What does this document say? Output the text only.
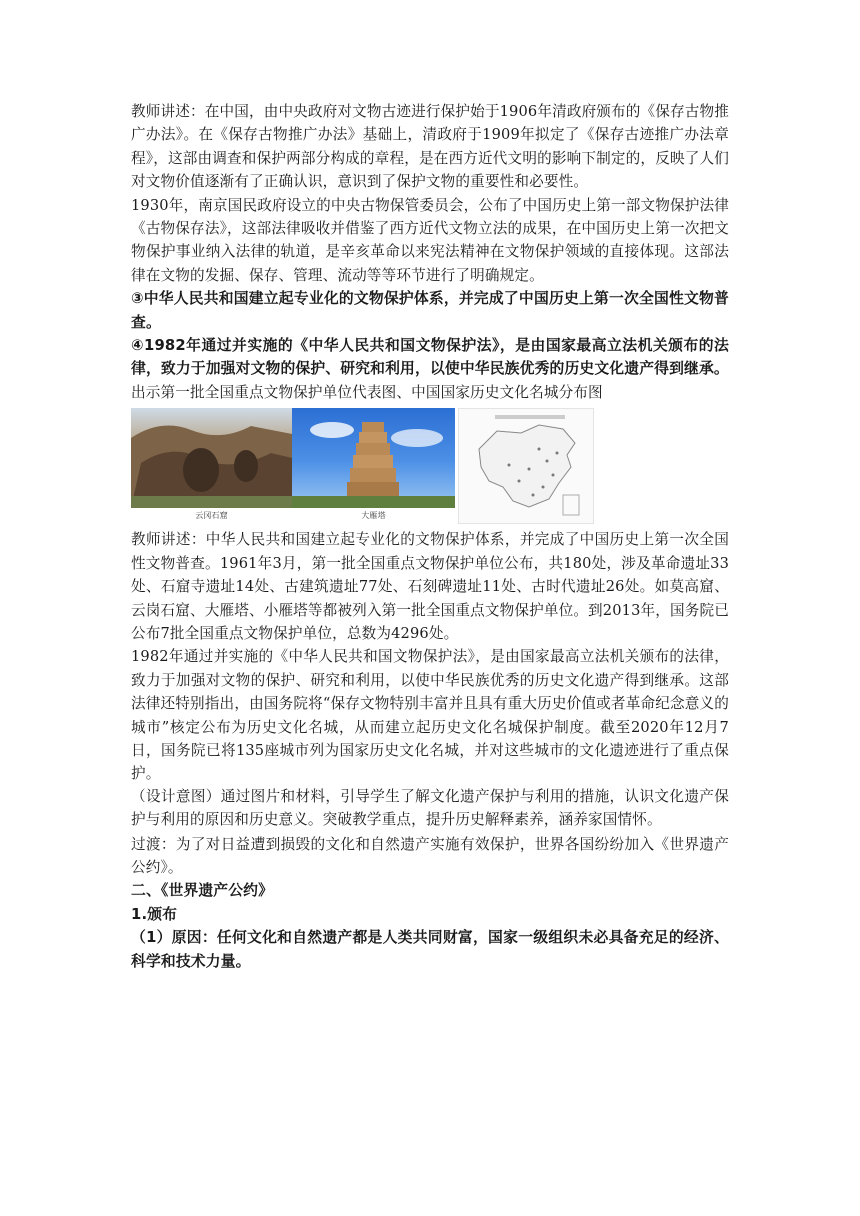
教师讲述：在中国，由中央政府对文物古迹进行保护始于1906年清政府颁布的《保存古物推广办法》。在《保存古物推广办法》基础上，清政府于1909年拟定了《保存古迹推广办法章程》，这部由调查和保护两部分构成的章程，是在西方近代文明的影响下制定的，反映了人们对文物价值逐渐有了正确认识，意识到了保护文物的重要性和必要性。

1930年，南京国民政府设立的中央古物保管委员会，公布了中国历史上第一部文物保护法律《古物保存法》，这部法律吸收并借鉴了西方近代文物立法的成果，在中国历史上第一次把文物保护事业纳入法律的轨道，是辛亥革命以来宪法精神在文物保护领域的直接体现。这部法律在文物的发掘、保存、管理、流动等等环节进行了明确规定。

③中华人民共和国建立起专业化的文物保护体系，并完成了中国历史上第一次全国性文物普查。

④1982年通过并实施的《中华人民共和国文物保护法》，是由国家最高立法机关颁布的法律，致力于加强对文物的保护、研究和利用，以使中华民族优秀的历史文化遗产得到继承。

出示第一批全国重点文物保护单位代表图、中国国家历史文化名城分布图

云冈石窟	大雁塔

教师讲述：中华人民共和国建立起专业化的文物保护体系，并完成了中国历史上第一次全国性文物普查。1961年3月，第一批全国重点文物保护单位公布，共180处，涉及革命遗址33处、石窟寺遗址14处、古建筑遗址77处、石刻碑遗址11处、古时代遗址26处。如莫高窟、云岗石窟、大雁塔、小雁塔等都被列入第一批全国重点文物保护单位。到2013年，国务院已公布7批全国重点文物保护单位，总数为4296处。

1982年通过并实施的《中华人民共和国文物保护法》，是由国家最高立法机关颁布的法律，致力于加强对文物的保护、研究和利用，以使中华民族优秀的历史文化遗产得到继承。这部法律还特别指出，由国务院将“保存文物特别丰富并且具有重大历史价值或者革命纪念意义的城市”核定公布为历史文化名城，从而建立起历史文化名城保护制度。截至2020年12月7日，国务院已将135座城市列为国家历史文化名城，并对这些城市的文化遗迹进行了重点保护。

（设计意图）通过图片和材料，引导学生了解文化遗产保护与利用的措施，认识文化遗产保护与利用的原因和历史意义。突破教学重点，提升历史解释素养，涵养家国情怀。

过渡：为了对日益遭到损毁的文化和自然遗产实施有效保护，世界各国纷纷加入《世界遗产公约》。

二、《世界遗产公约》

1.颁布

（1）原因：任何文化和自然遗产都是人类共同财富，国家一级组织未必具备充足的经济、科学和技术力量。
